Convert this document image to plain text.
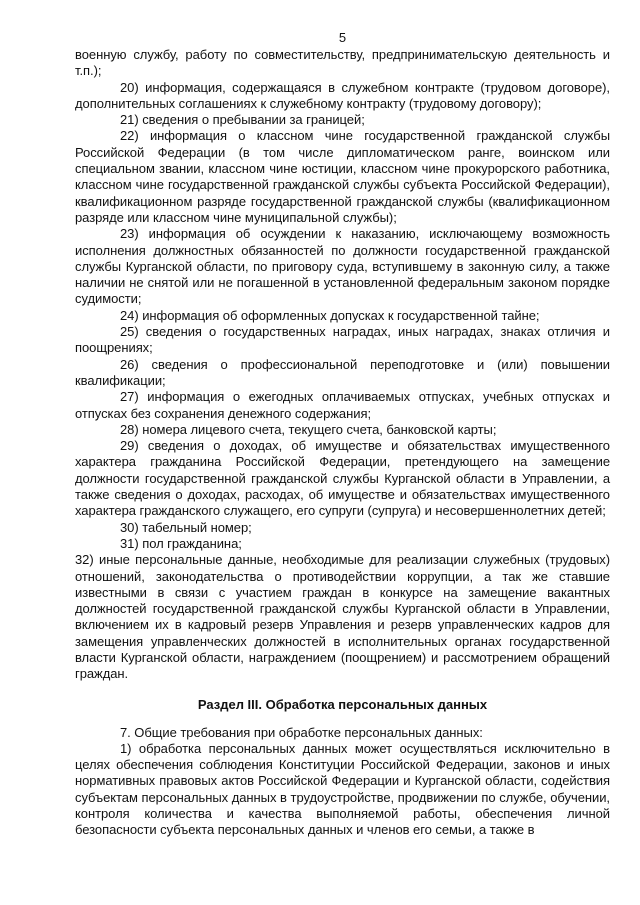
5

военную службу, работу по совместительству, предпринимательскую деятельность и т.п.);

20) информация, содержащаяся в служебном контракте (трудовом договоре), дополнительных соглашениях к служебному контракту (трудовому договору);

21) сведения о пребывании за границей;

22) информация о классном чине государственной гражданской службы Российской Федерации (в том числе дипломатическом ранге, воинском или специальном звании, классном чине юстиции, классном чине прокурорского работника, классном чине государственной гражданской службы субъекта Российской Федерации), квалификационном разряде государственной гражданской службы (квалификационном разряде или классном чине муниципальной службы);

23) информация об осуждении к наказанию, исключающему возможность исполнения должностных обязанностей по должности государственной гражданской службы Курганской области, по приговору суда, вступившему в законную силу, а также наличии не снятой или не погашенной в установленной федеральным законом порядке судимости;

24) информация об оформленных допусках к государственной тайне;

25) сведения о государственных наградах, иных наградах, знаках отличия и поощрениях;

26) сведения о профессиональной переподготовке и (или) повышении квалификации;

27) информация о ежегодных оплачиваемых отпусках, учебных отпусках и отпусках без сохранения денежного содержания;

28) номера лицевого счета, текущего счета, банковской карты;

29) сведения о доходах, об имуществе и обязательствах имущественного характера гражданина Российской Федерации, претендующего на замещение должности государственной гражданской службы Курганской области в Управлении, а также сведения о доходах, расходах, об имуществе и обязательствах имущественного характера гражданского служащего, его супруги (супруга) и несовершеннолетних детей;

30) табельный номер;

31) пол гражданина;

32) иные персональные данные, необходимые для реализации служебных (трудовых) отношений, законодательства о противодействии коррупции, а так же ставшие известными в связи с участием граждан в конкурсе на замещение вакантных должностей государственной гражданской службы Курганской области в Управлении, включением их в кадровый резерв Управления и резерв управленческих кадров для замещения управленческих должностей в исполнительных органах государственной власти Курганской области, награждением (поощрением) и рассмотрением обращений граждан.

Раздел III. Обработка персональных данных

7. Общие требования при обработке персональных данных:

1) обработка персональных данных может осуществляться исключительно в целях обеспечения соблюдения Конституции Российской Федерации, законов и иных нормативных правовых актов Российской Федерации и Курганской области, содействия субъектам персональных данных в трудоустройстве, продвижении по службе, обучении, контроля количества и качества выполняемой работы, обеспечения личной безопасности субъекта персональных данных и членов его семьи, а также в
